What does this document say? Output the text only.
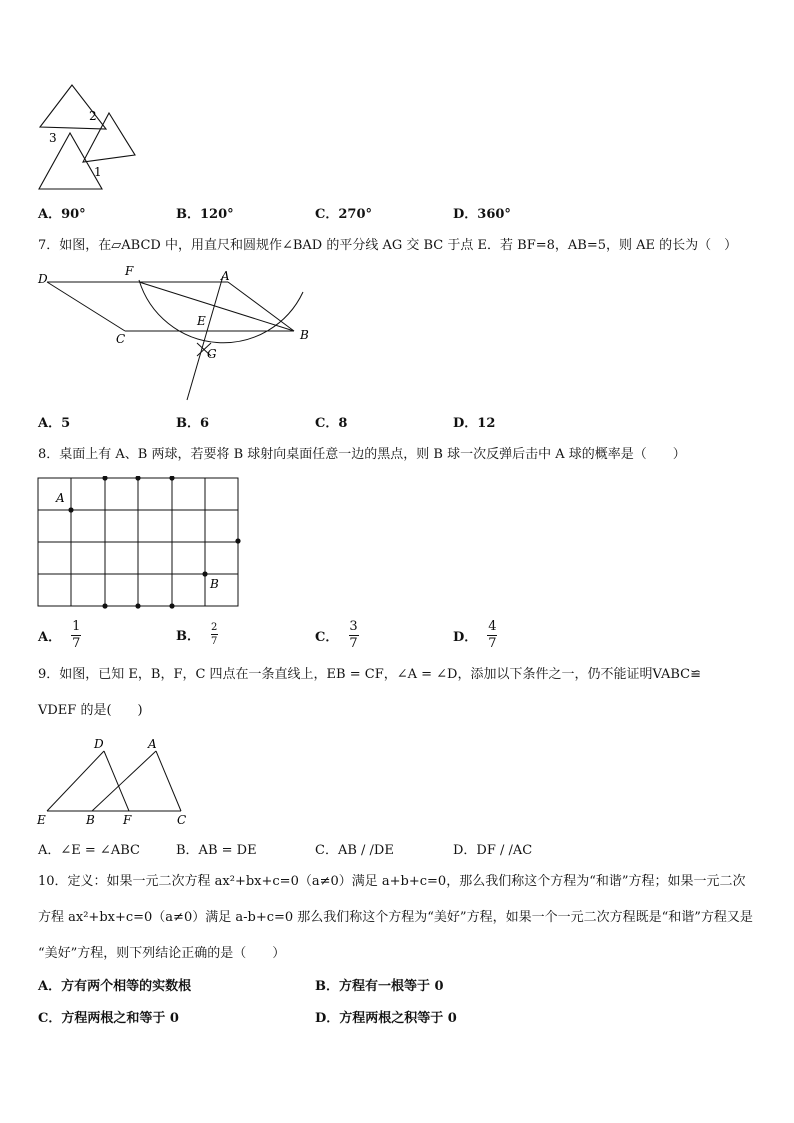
2
3
1
A．90°	B．120°	C．270°	D．360°
7．如图，在▱ABCD 中，用直尺和圆规作∠BAD 的平分线 AG 交 BC 于点 E．若 BF=8，AB=5，则 AE 的长为（　）
D
F	A
E
B
C
G
A．5	B．6	C．8	D．12
8．桌面上有 A、B 两球，若要将 B 球射向桌面任意一边的黑点，则 B 球一次反弹后击中 A 球的概率是（　　）
A
B
A． $\frac{1}{7}$	B． $\frac{2}{7}$	C． $\frac{3}{7}$	D． $\frac{4}{7}$
9．如图，已知 E，B，F，C 四点在一条直线上，EB = CF，∠A = ∠D，添加以下条件之一，仍不能证明VABC≌
VDEF 的是(　　)
D	A
E	B F	C
A．∠E = ∠ABC	B．AB = DE	C．AB / /DE	D．DF / /AC
10．定义：如果一元二次方程 ax²+bx+c=0（a≠0）满足 a+b+c=0，那么我们称这个方程为“和谐”方程；如果一元二次
方程 ax²+bx+c=0（a≠0）满足 a-b+c=0 那么我们称这个方程为“美好”方程，如果一个一元二次方程既是“和谐”方程又是
“美好”方程，则下列结论正确的是（　　）
A．方有两个相等的实数根	B．方程有一根等于 0
C．方程两根之和等于 0	D．方程两根之积等于 0
